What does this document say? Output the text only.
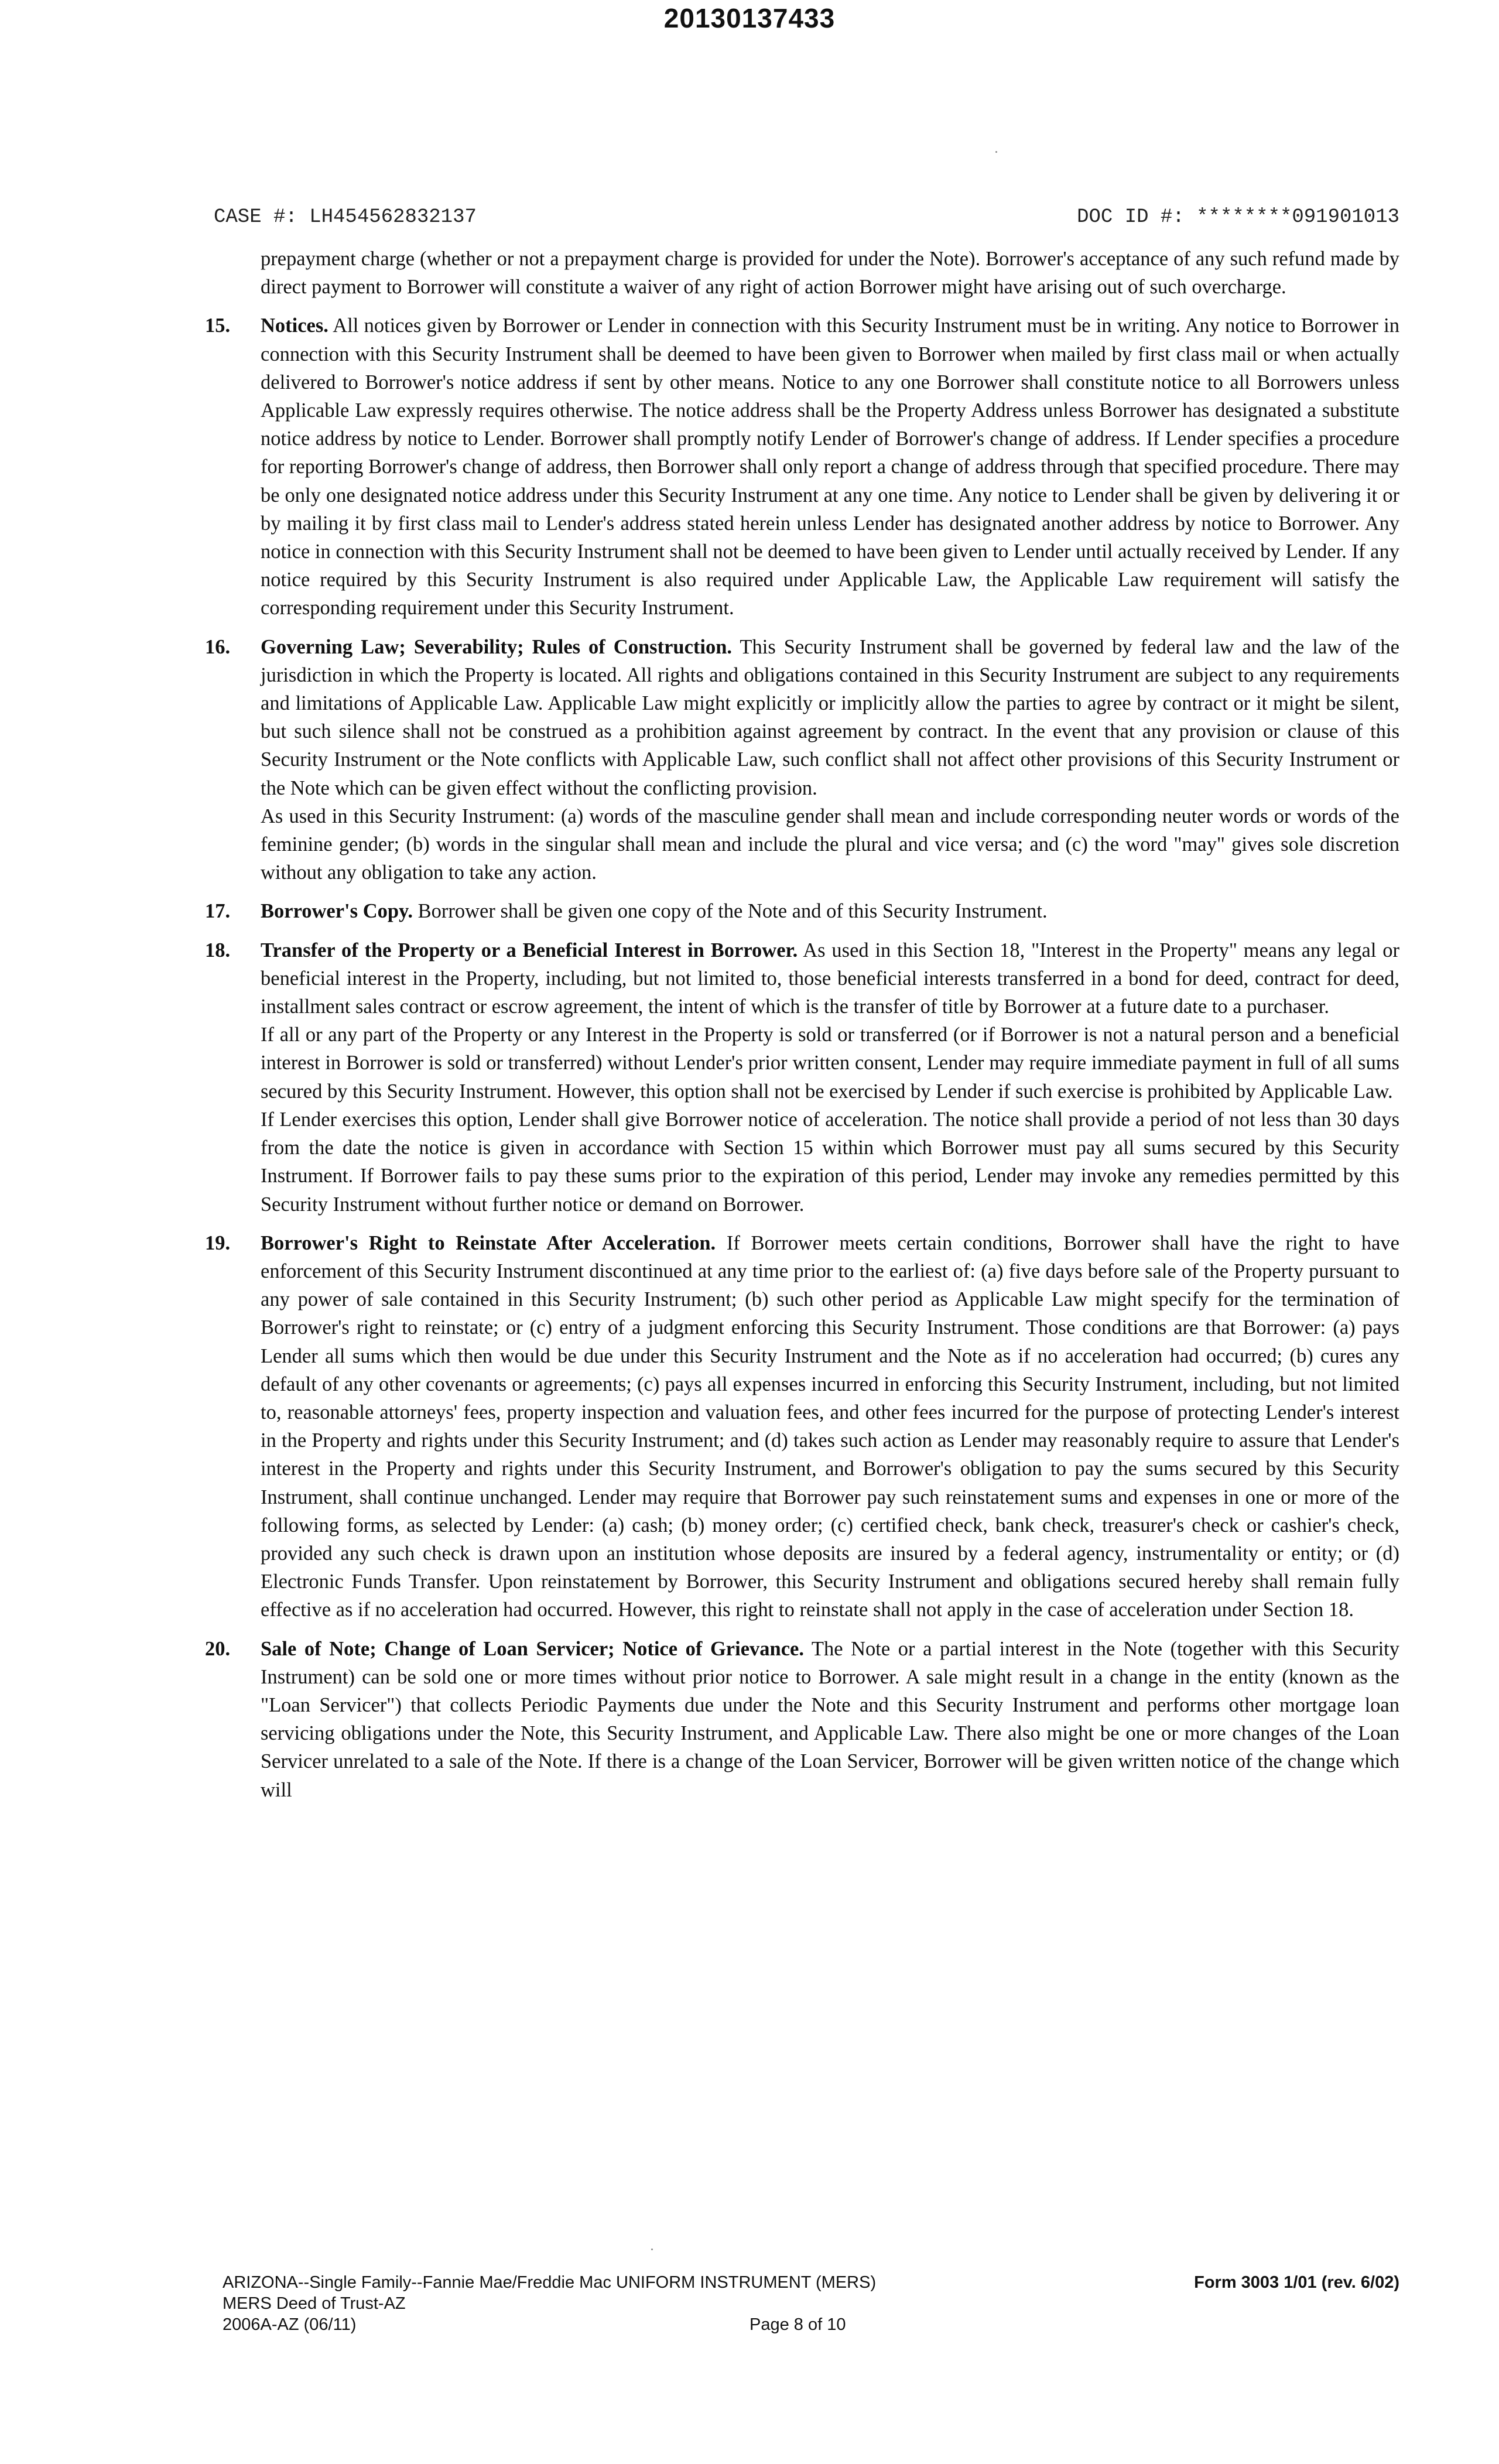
20130137433
CASE #: LH454562832137	DOC ID #: ********091901013

prepayment charge (whether or not a prepayment charge is provided for under the Note). Borrower's acceptance of any such refund made by direct payment to Borrower will constitute a waiver of any right of action Borrower might have arising out of such overcharge.

15. Notices. All notices given by Borrower or Lender in connection with this Security Instrument must be in writing. Any notice to Borrower in connection with this Security Instrument shall be deemed to have been given to Borrower when mailed by first class mail or when actually delivered to Borrower's notice address if sent by other means. Notice to any one Borrower shall constitute notice to all Borrowers unless Applicable Law expressly requires otherwise. The notice address shall be the Property Address unless Borrower has designated a substitute notice address by notice to Lender. Borrower shall promptly notify Lender of Borrower's change of address. If Lender specifies a procedure for reporting Borrower's change of address, then Borrower shall only report a change of address through that specified procedure. There may be only one designated notice address under this Security Instrument at any one time. Any notice to Lender shall be given by delivering it or by mailing it by first class mail to Lender's address stated herein unless Lender has designated another address by notice to Borrower. Any notice in connection with this Security Instrument shall not be deemed to have been given to Lender until actually received by Lender. If any notice required by this Security Instrument is also required under Applicable Law, the Applicable Law requirement will satisfy the corresponding requirement under this Security Instrument.

16. Governing Law; Severability; Rules of Construction. This Security Instrument shall be governed by federal law and the law of the jurisdiction in which the Property is located. All rights and obligations contained in this Security Instrument are subject to any requirements and limitations of Applicable Law. Applicable Law might explicitly or implicitly allow the parties to agree by contract or it might be silent, but such silence shall not be construed as a prohibition against agreement by contract. In the event that any provision or clause of this Security Instrument or the Note conflicts with Applicable Law, such conflict shall not affect other provisions of this Security Instrument or the Note which can be given effect without the conflicting provision.

As used in this Security Instrument: (a) words of the masculine gender shall mean and include corresponding neuter words or words of the feminine gender; (b) words in the singular shall mean and include the plural and vice versa; and (c) the word "may" gives sole discretion without any obligation to take any action.

17. Borrower's Copy. Borrower shall be given one copy of the Note and of this Security Instrument.

18. Transfer of the Property or a Beneficial Interest in Borrower. As used in this Section 18, "Interest in the Property" means any legal or beneficial interest in the Property, including, but not limited to, those beneficial interests transferred in a bond for deed, contract for deed, installment sales contract or escrow agreement, the intent of which is the transfer of title by Borrower at a future date to a purchaser.

If all or any part of the Property or any Interest in the Property is sold or transferred (or if Borrower is not a natural person and a beneficial interest in Borrower is sold or transferred) without Lender's prior written consent, Lender may require immediate payment in full of all sums secured by this Security Instrument. However, this option shall not be exercised by Lender if such exercise is prohibited by Applicable Law.

If Lender exercises this option, Lender shall give Borrower notice of acceleration. The notice shall provide a period of not less than 30 days from the date the notice is given in accordance with Section 15 within which Borrower must pay all sums secured by this Security Instrument. If Borrower fails to pay these sums prior to the expiration of this period, Lender may invoke any remedies permitted by this Security Instrument without further notice or demand on Borrower.

19. Borrower's Right to Reinstate After Acceleration. If Borrower meets certain conditions, Borrower shall have the right to have enforcement of this Security Instrument discontinued at any time prior to the earliest of: (a) five days before sale of the Property pursuant to any power of sale contained in this Security Instrument; (b) such other period as Applicable Law might specify for the termination of Borrower's right to reinstate; or (c) entry of a judgment enforcing this Security Instrument. Those conditions are that Borrower: (a) pays Lender all sums which then would be due under this Security Instrument and the Note as if no acceleration had occurred; (b) cures any default of any other covenants or agreements; (c) pays all expenses incurred in enforcing this Security Instrument, including, but not limited to, reasonable attorneys' fees, property inspection and valuation fees, and other fees incurred for the purpose of protecting Lender's interest in the Property and rights under this Security Instrument; and (d) takes such action as Lender may reasonably require to assure that Lender's interest in the Property and rights under this Security Instrument, and Borrower's obligation to pay the sums secured by this Security Instrument, shall continue unchanged. Lender may require that Borrower pay such reinstatement sums and expenses in one or more of the following forms, as selected by Lender: (a) cash; (b) money order; (c) certified check, bank check, treasurer's check or cashier's check, provided any such check is drawn upon an institution whose deposits are insured by a federal agency, instrumentality or entity; or (d) Electronic Funds Transfer. Upon reinstatement by Borrower, this Security Instrument and obligations secured hereby shall remain fully effective as if no acceleration had occurred. However, this right to reinstate shall not apply in the case of acceleration under Section 18.

20. Sale of Note; Change of Loan Servicer; Notice of Grievance. The Note or a partial interest in the Note (together with this Security Instrument) can be sold one or more times without prior notice to Borrower. A sale might result in a change in the entity (known as the "Loan Servicer") that collects Periodic Payments due under the Note and this Security Instrument and performs other mortgage loan servicing obligations under the Note, this Security Instrument, and Applicable Law. There also might be one or more changes of the Loan Servicer unrelated to a sale of the Note. If there is a change of the Loan Servicer, Borrower will be given written notice of the change which will

ARIZONA--Single Family--Fannie Mae/Freddie Mac UNIFORM INSTRUMENT (MERS)
MERS Deed of Trust-AZ
2006A-AZ (06/11)
Form 3003 1/01 (rev. 6/02)
Page 8 of 10
